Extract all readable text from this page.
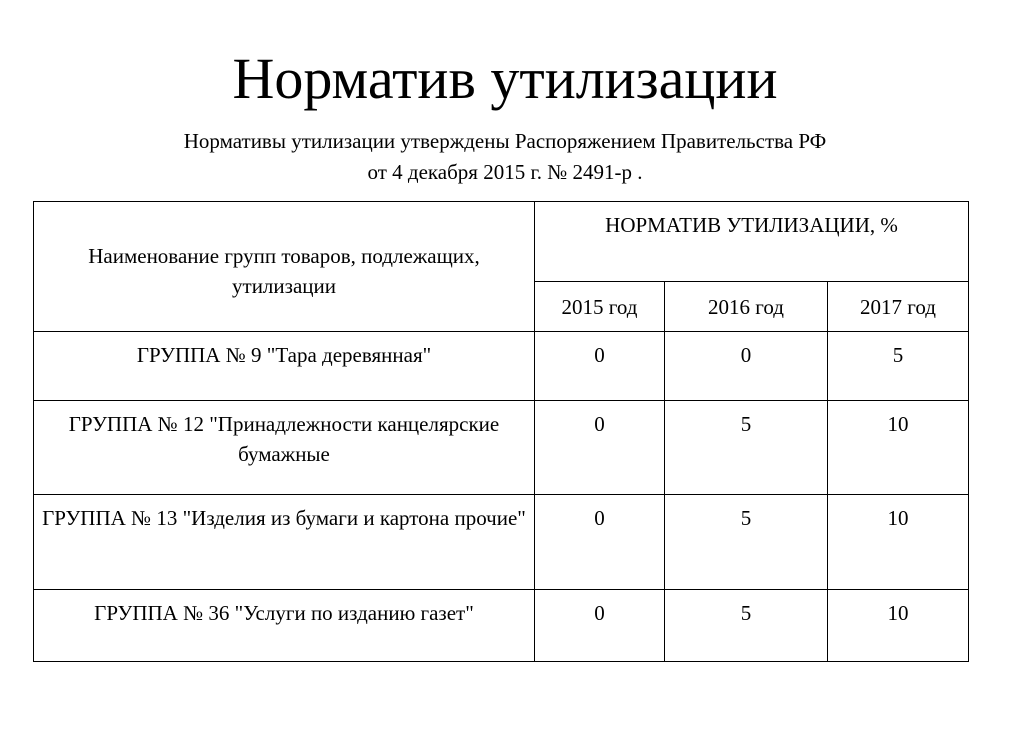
Норматив утилизации
Нормативы утилизации утверждены Распоряжением Правительства РФ
от 4 декабря 2015 г. № 2491-р .
Наименование групп товаров, подлежащих, утилизации	НОРМАТИВ УТИЛИЗАЦИИ, %		
	2015 год	2016 год	2017 год
ГРУППА № 9 "Тара деревянная"	0	0	5
ГРУППА № 12 "Принадлежности канцелярские бумажные	0	5	10
ГРУППА № 13 "Изделия из бумаги и картона прочие"	0	5	10
ГРУППА № 36 "Услуги по изданию газет"	0	5	10
